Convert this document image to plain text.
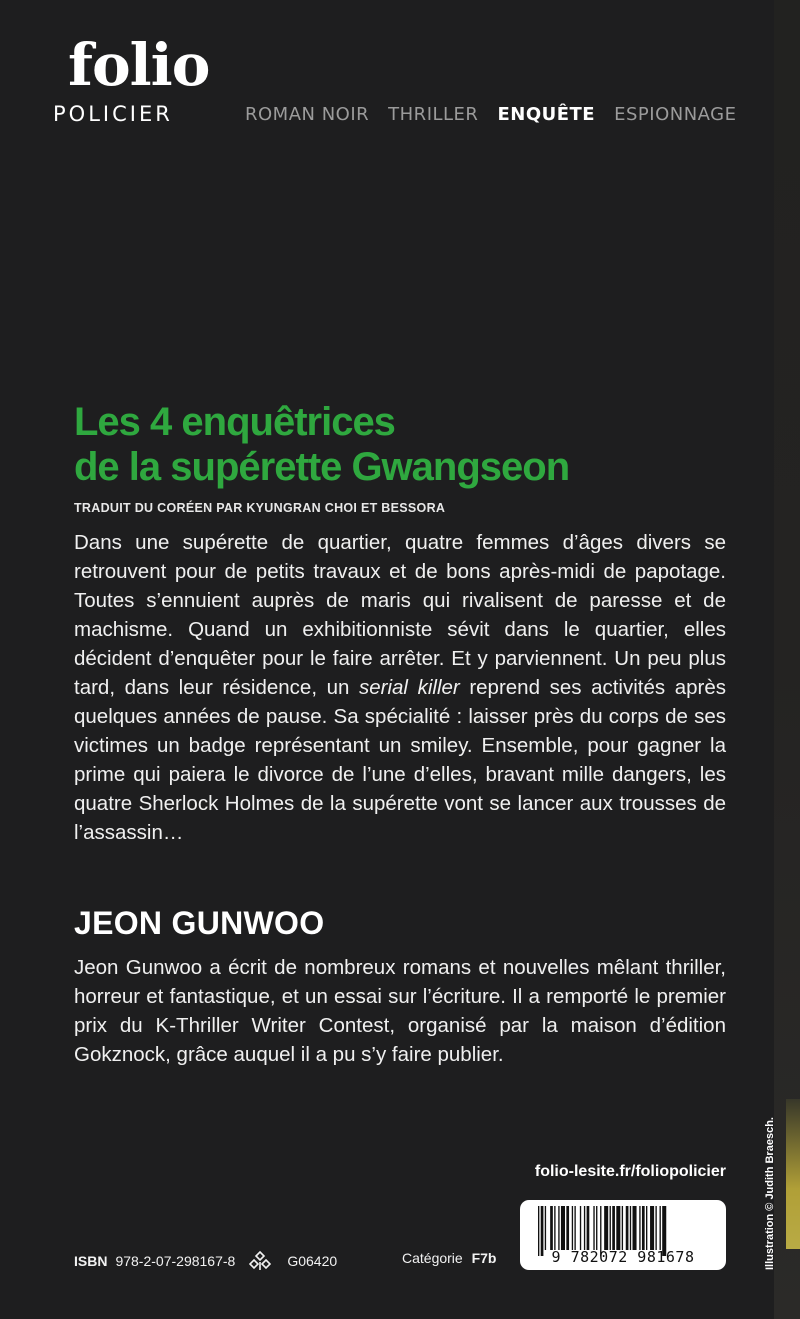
folio
POLICIER	ROMAN NOIR THRILLER ENQUÊTE ESPIONNAGE
Les 4 enquêtrices
de la supérette Gwangseon
TRADUIT DU CORÉEN PAR KYUNGRAN CHOI ET BESSORA

Dans une supérette de quartier, quatre femmes d’âges divers se retrouvent pour de petits travaux et de bons après-midi de papotage. Toutes s’ennuient auprès de maris qui rivalisent de paresse et de machisme. Quand un exhibitionniste sévit dans le quartier, elles décident d’enquêter pour le faire arrêter. Et y parviennent. Un peu plus tard, dans leur résidence, un serial killer reprend ses activités après quelques années de pause. Sa spécialité : laisser près du corps de ses victimes un badge représentant un smiley. Ensemble, pour gagner la prime qui paiera le divorce de l’une d’elles, bravant mille dangers, les quatre Sherlock Holmes de la supérette vont se lancer aux trousses de l’assassin…

JEON GUNWOO

Jeon Gunwoo a écrit de nombreux romans et nouvelles mêlant thriller, horreur et fantastique, et un essai sur l’écriture. Il a remporté le premier prix du K-Thriller Writer Contest, organisé par la maison d’édition Gokznock, grâce auquel il a pu s’y faire publier.

folio-lesite.fr/foliopolicier
9 782072 981678
ISBN 978-2-07-298167-8	G06420	Catégorie F7b	Illustration © Judith Braesch.
